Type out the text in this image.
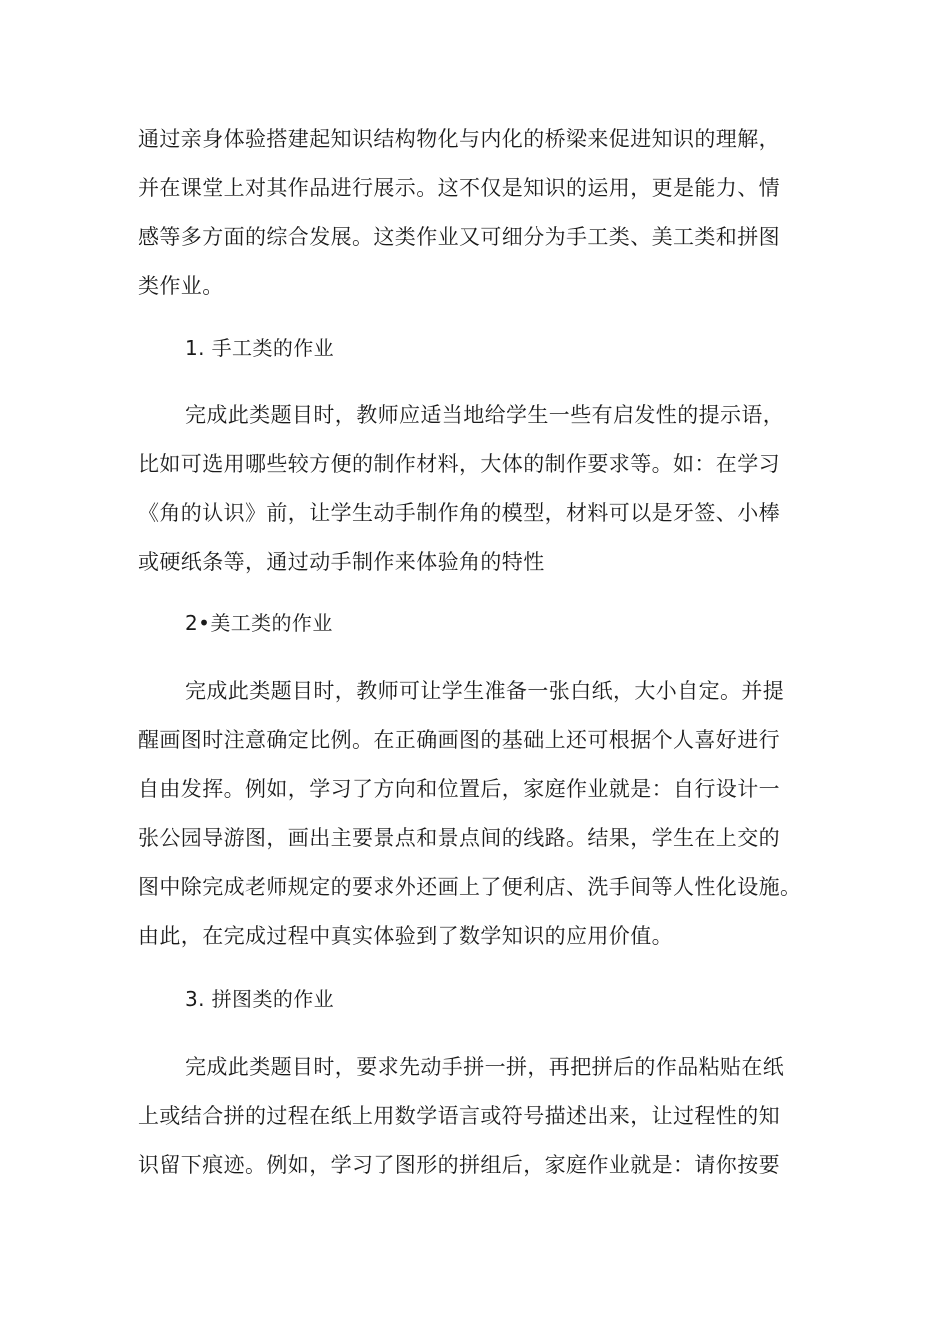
通过亲身体验搭建起知识结构物化与内化的桥梁来促进知识的理解，
并在课堂上对其作品进行展示。这不仅是知识的运用，更是能力、情
感等多方面的综合发展。这类作业又可细分为手工类、美工类和拼图
类作业。
1. 手工类的作业
完成此类题目时，教师应适当地给学生一些有启发性的提示语，
比如可选用哪些较方便的制作材料，大体的制作要求等。如：在学习
《角的认识》前，让学生动手制作角的模型，材料可以是牙签、小棒
或硬纸条等，通过动手制作来体验角的特性
2•美工类的作业
完成此类题目时，教师可让学生准备一张白纸，大小自定。并提
醒画图时注意确定比例。在正确画图的基础上还可根据个人喜好进行
自由发挥。例如，学习了方向和位置后，家庭作业就是：自行设计一
张公园导游图，画出主要景点和景点间的线路。结果，学生在上交的
图中除完成老师规定的要求外还画上了便利店、洗手间等人性化设施。
由此，在完成过程中真实体验到了数学知识的应用价值。
3. 拼图类的作业
完成此类题目时，要求先动手拼一拼，再把拼后的作品粘贴在纸
上或结合拼的过程在纸上用数学语言或符号描述出来，让过程性的知
识留下痕迹。例如，学习了图形的拼组后，家庭作业就是：请你按要
